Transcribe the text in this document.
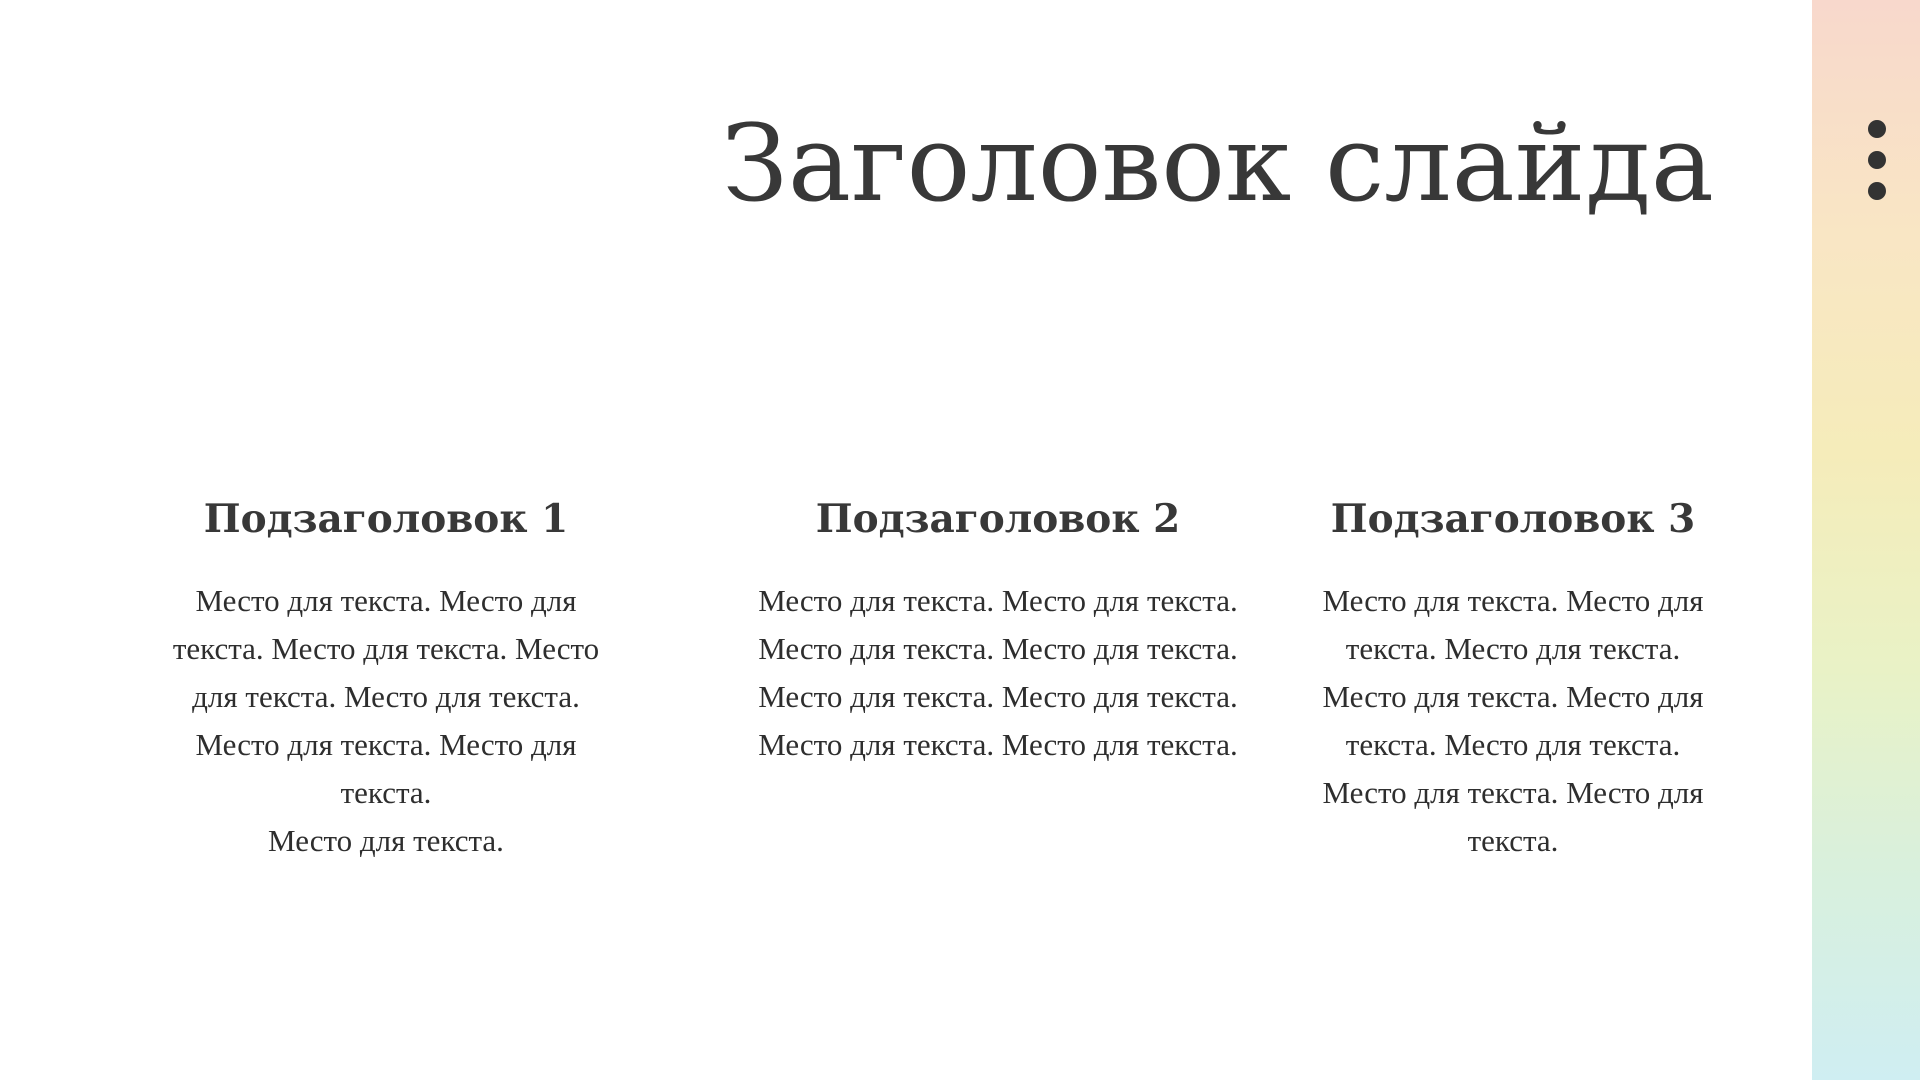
Заголовок слайда
Подзаголовок 1

Место для текста. Место для
текста. Место для текста. Место
для текста. Место для текста.
Место для текста. Место для
текста.
Место для текста.

Подзаголовок 2

Место для текста. Место для текста.
Место для текста. Место для текста.
Место для текста. Место для текста.
Место для текста. Место для текста.

Подзаголовок 3

Место для текста. Место для
текста. Место для текста.
Место для текста. Место для
текста. Место для текста.
Место для текста. Место для
текста.
